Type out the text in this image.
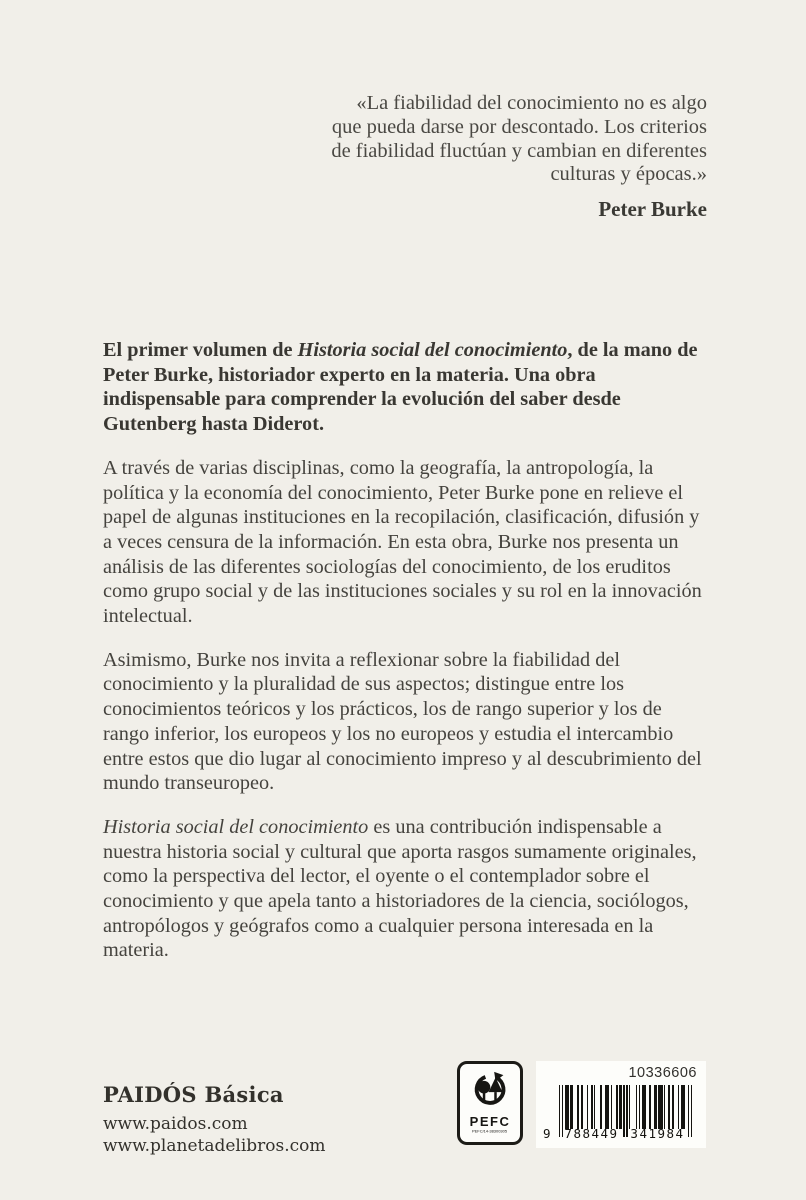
«La fiabilidad del conocimiento no es algo
que pueda darse por descontado. Los criterios
de fiabilidad fluctúan y cambian en diferentes
culturas y épocas.»
Peter Burke

El primer volumen de Historia social del conocimiento, de la mano de Peter Burke, historiador experto en la materia. Una obra indispensable para comprender la evolución del saber desde Gutenberg hasta Diderot.

A través de varias disciplinas, como la geografía, la antropología, la política y la economía del conocimiento, Peter Burke pone en relieve el papel de algunas instituciones en la recopilación, clasificación, difusión y a veces censura de la información. En esta obra, Burke nos presenta un análisis de las diferentes sociologías del conocimiento, de los eruditos como grupo social y de las instituciones sociales y su rol en la innovación intelectual.

Asimismo, Burke nos invita a reflexionar sobre la fiabilidad del conocimiento y la pluralidad de sus aspectos; distingue entre los conocimientos teóricos y los prácticos, los de rango superior y los de rango inferior, los europeos y los no europeos y estudia el intercambio entre estos que dio lugar al conocimiento impreso y al descubrimiento del mundo transeuropeo.

Historia social del conocimiento es una contribución indispensable a nuestra historia social y cultural que aporta rasgos sumamente originales, como la perspectiva del lector, el oyente o el contemplador sobre el conocimiento y que apela tanto a historiadores de la ciencia, sociólogos, antropólogos y geógrafos como a cualquier persona interesada en la materia.

PAIDÓS Básica
www.paidos.com
www.planetadelibros.com
PEFC
PEFC/14-38300305
10336606
9 788449 341984
